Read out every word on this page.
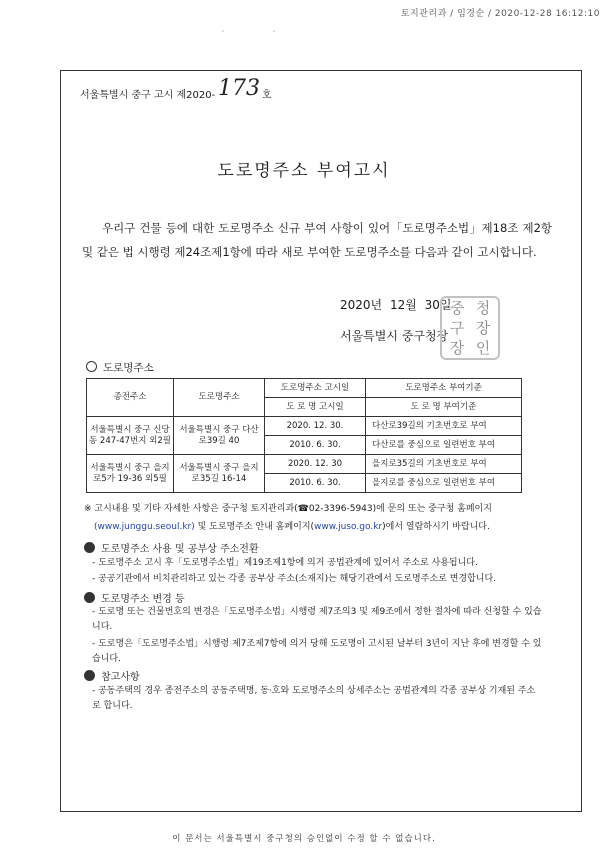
토지관리과 / 임경순 / 2020-12-28 16:12:10
′	′
서울특별시 중구 고시 제2020- 173 호
도로명주소 부여고시
우리구 건물 등에 대한 도로명주소 신규 부여 사항이 있어「도로명주소법」제18조 제2항 및 같은 법 시행령 제24조제1항에 따라 새로 부여한 도로명주소를 다음과 같이 고시합니다.
2020년 12월 30일
서울특별시 중구청장
중 청
구 장
장 인
도로명주소
종전주소	도로명주소	도로명주소 고시일	도로명주소 부여기준
		도 로 명 고시일	도 로 명 부여기준
서울특별시 중구 신당동 247-47번지 외2필	서울특별시 중구 다산로39길 40	2020. 12. 30.	다산로39길의 기초번호로 부여
		2010. 6. 30.	다산로를 중심으로 일련번호 부여
서울특별시 중구 을지로5가 19-36 외5필	서울특별시 중구 을지로35길 16-14	2020. 12. 30	을지로35길의 기초번호로 부여
		2010. 6. 30.	을지로를 중심으로 일련번호 부여
※ 고시내용 및 기타 자세한 사항은 중구청 토지관리과(☎02-3396-5943)에 문의 또는 중구청 홈페이지
(www.junggu.seoul.kr) 및 도로명주소 안내 홈페이지(www.juso.go.kr)에서 열람하시기 바랍니다.
도로명주소 사용 및 공부상 주소전환
- 도로명주소 고시 후「도로명주소법」제19조제1항에 의거 공법관계에 있어서 주소로 사용됩니다.
- 공공기관에서 비치관리하고 있는 각종 공부상 주소(소재지)는 해당기관에서 도로명주소로 변경합니다.
도로명주소 변경 등
- 도로명 또는 건물번호의 변경은「도로명주소법」시행령 제7조의3 및 제9조에서 정한 절차에 따라 신청할 수 있습니다.
- 도로명은「도로명주소법」시행령 제7조제7항에 의거 당해 도로명이 고시된 날부터 3년이 지난 후에 변경할 수 있습니다.
참고사항
- 공동주택의 경우 종전주소의 공동주택명, 동·호와 도로명주소의 상세주소는 공법관계의 각종 공부상 기재된 주소로 합니다.
이 문서는 서울특별시 중구청의 승인없이 수정 할 수 없습니다.
